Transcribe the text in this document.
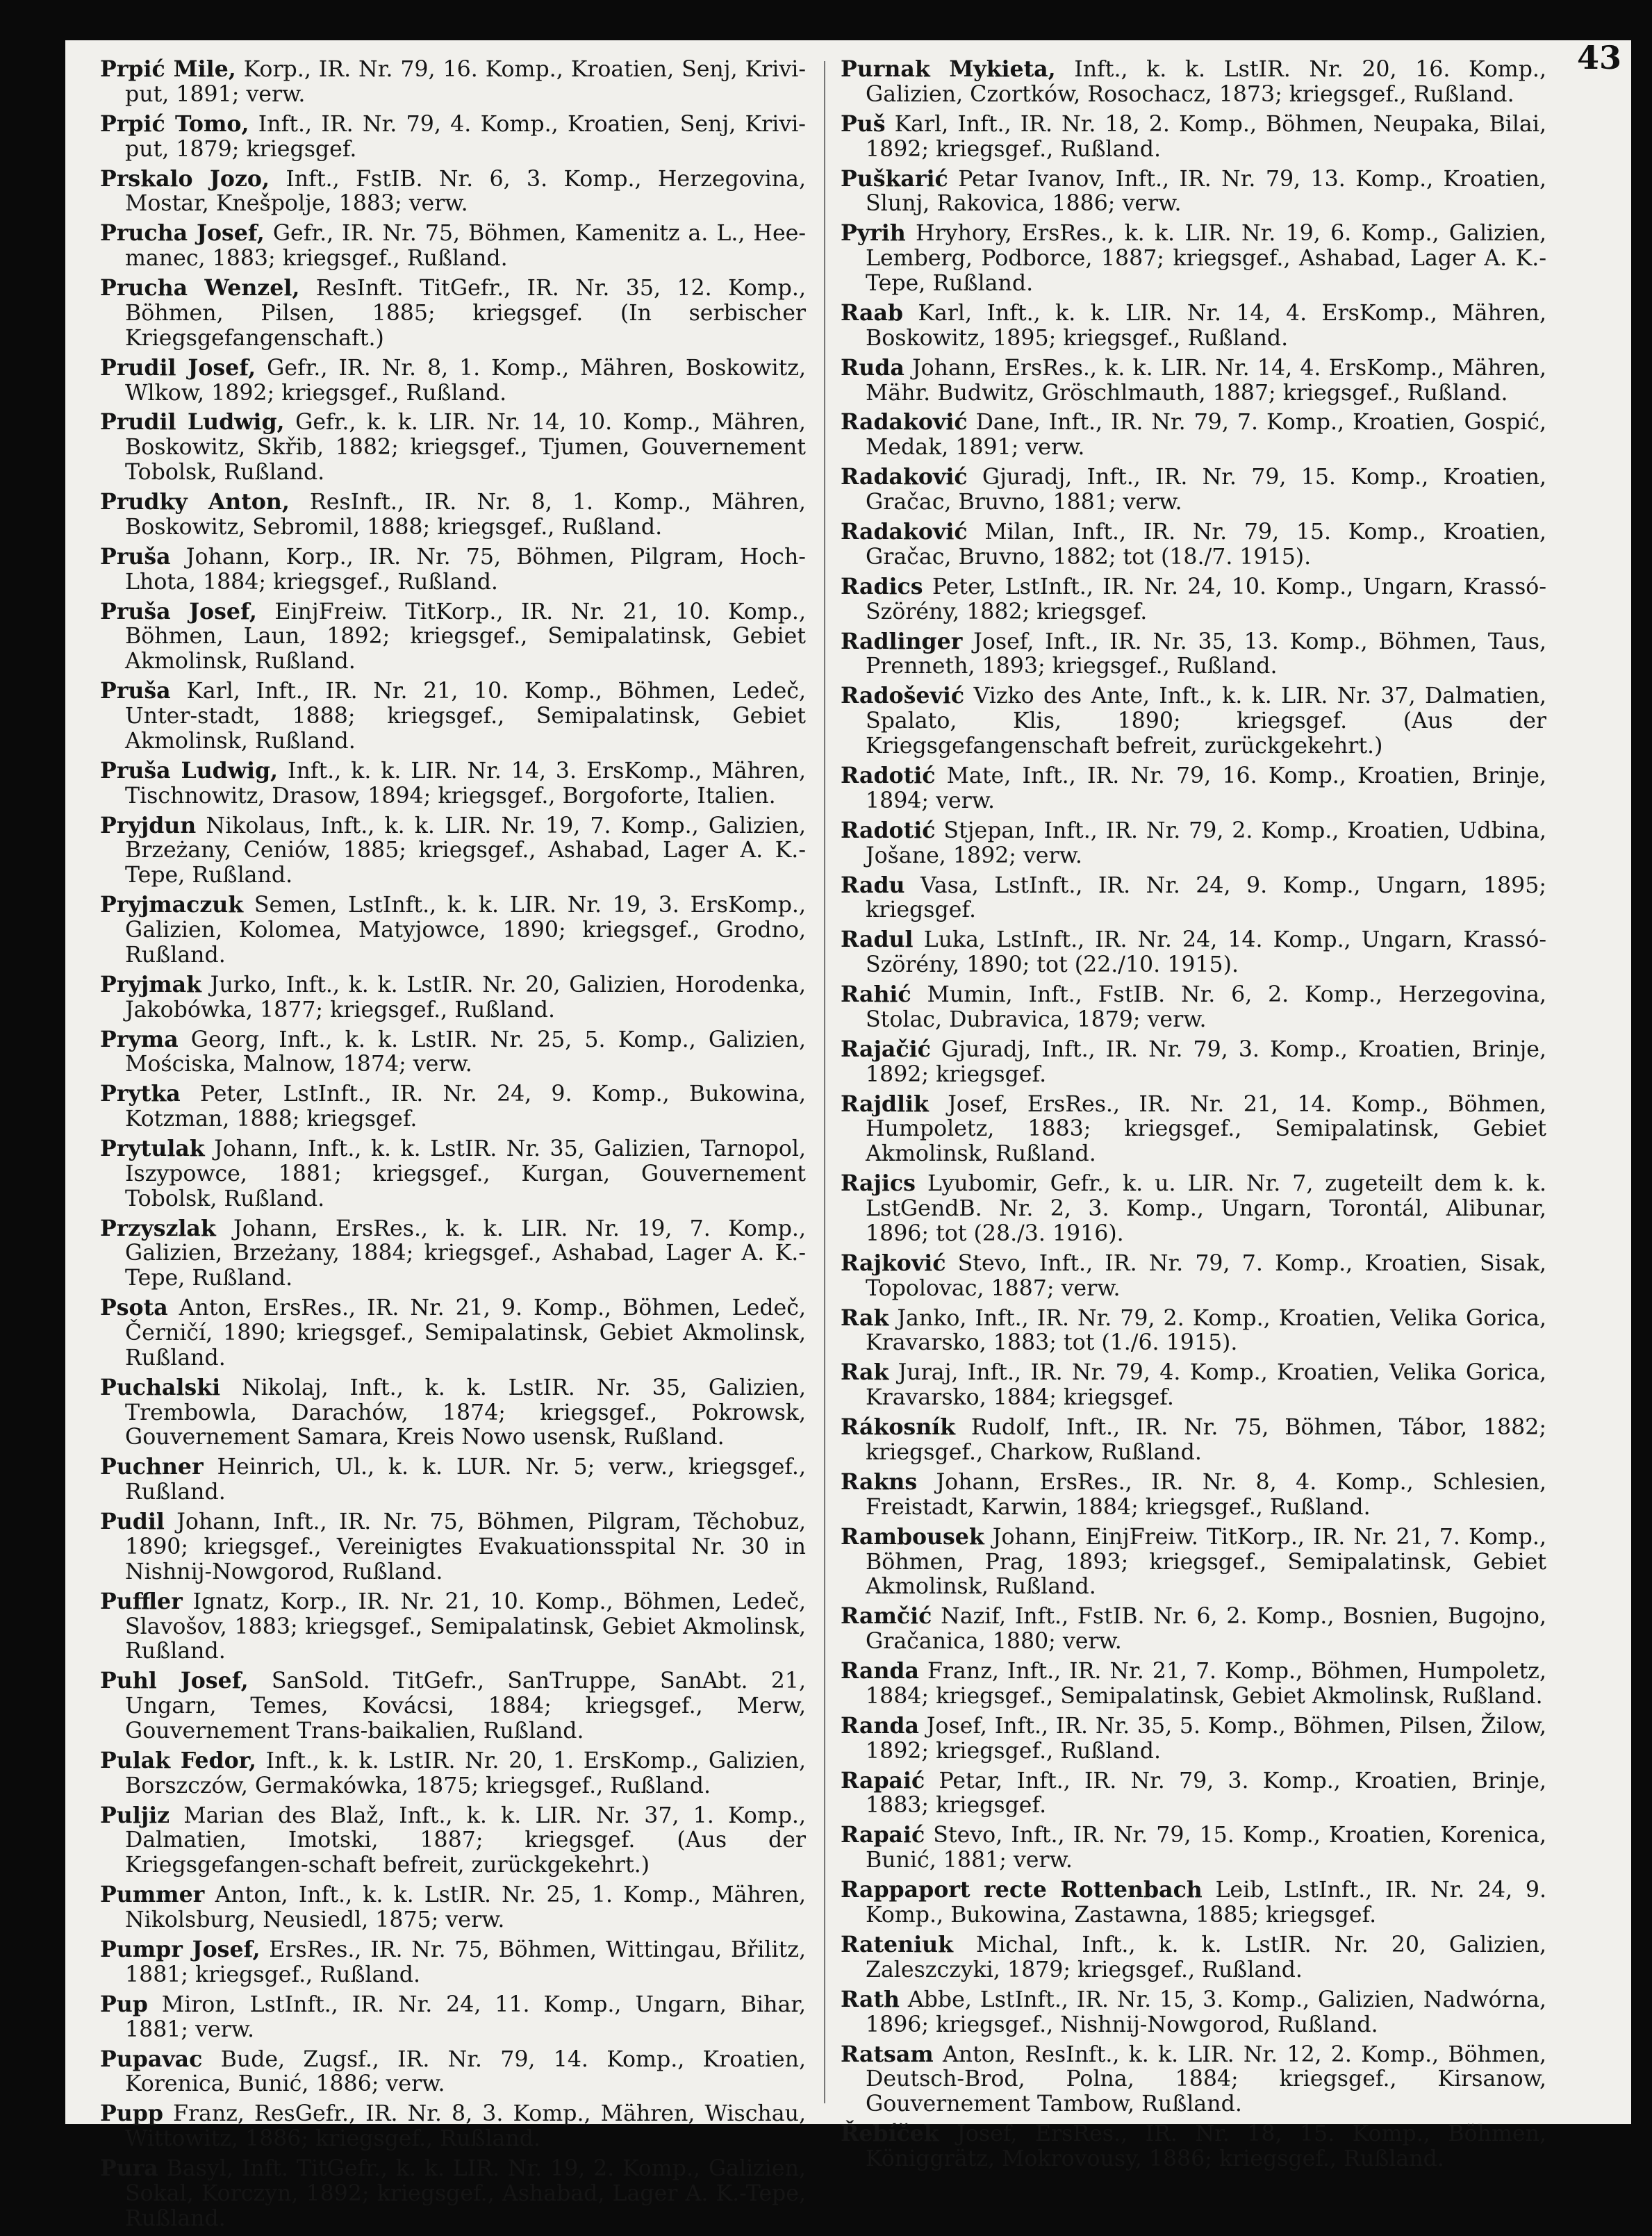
43

Prpić Mile, Korp., IR. Nr. 79, 16. Komp., Kroatien, Senj, Krivi-put, 1891; verw.

Prpić Tomo, Inft., IR. Nr. 79, 4. Komp., Kroatien, Senj, Krivi-put, 1879; kriegsgef.

Prskalo Jozo, Inft., FstIB. Nr. 6, 3. Komp., Herzegovina, Mostar, Knešpolje, 1883; verw.

Prucha Josef, Gefr., IR. Nr. 75, Böhmen, Kamenitz a. L., Hee-manec, 1883; kriegsgef., Rußland.

Prucha Wenzel, ResInft. TitGefr., IR. Nr. 35, 12. Komp., Böhmen, Pilsen, 1885; kriegsgef. (In serbischer Kriegsgefangenschaft.)

Prudil Josef, Gefr., IR. Nr. 8, 1. Komp., Mähren, Boskowitz, Wlkow, 1892; kriegsgef., Rußland.

Prudil Ludwig, Gefr., k. k. LIR. Nr. 14, 10. Komp., Mähren, Boskowitz, Skřib, 1882; kriegsgef., Tjumen, Gouvernement Tobolsk, Rußland.

Prudky Anton, ResInft., IR. Nr. 8, 1. Komp., Mähren, Boskowitz, Sebromil, 1888; kriegsgef., Rußland.

Pruša Johann, Korp., IR. Nr. 75, Böhmen, Pilgram, Hoch-Lhota, 1884; kriegsgef., Rußland.

Pruša Josef, EinjFreiw. TitKorp., IR. Nr. 21, 10. Komp., Böhmen, Laun, 1892; kriegsgef., Semipalatinsk, Gebiet Akmolinsk, Rußland.

Pruša Karl, Inft., IR. Nr. 21, 10. Komp., Böhmen, Ledeč, Unter-stadt, 1888; kriegsgef., Semipalatinsk, Gebiet Akmolinsk, Rußland.

Pruša Ludwig, Inft., k. k. LIR. Nr. 14, 3. ErsKomp., Mähren, Tischnowitz, Drasow, 1894; kriegsgef., Borgoforte, Italien.

Pryjdun Nikolaus, Inft., k. k. LIR. Nr. 19, 7. Komp., Galizien, Brzeżany, Ceniów, 1885; kriegsgef., Ashabad, Lager A. K.-Tepe, Rußland.

Pryjmaczuk Semen, LstInft., k. k. LIR. Nr. 19, 3. ErsKomp., Galizien, Kolomea, Matyjowce, 1890; kriegsgef., Grodno, Rußland.

Pryjmak Jurko, Inft., k. k. LstIR. Nr. 20, Galizien, Horodenka, Jakobówka, 1877; kriegsgef., Rußland.

Pryma Georg, Inft., k. k. LstIR. Nr. 25, 5. Komp., Galizien, Mościska, Malnow, 1874; verw.

Prytka Peter, LstInft., IR. Nr. 24, 9. Komp., Bukowina, Kotzman, 1888; kriegsgef.

Prytulak Johann, Inft., k. k. LstIR. Nr. 35, Galizien, Tarnopol, Iszypowce, 1881; kriegsgef., Kurgan, Gouvernement Tobolsk, Rußland.

Przyszlak Johann, ErsRes., k. k. LIR. Nr. 19, 7. Komp., Galizien, Brzeżany, 1884; kriegsgef., Ashabad, Lager A. K.-Tepe, Rußland.

Psota Anton, ErsRes., IR. Nr. 21, 9. Komp., Böhmen, Ledeč, Černičí, 1890; kriegsgef., Semipalatinsk, Gebiet Akmolinsk, Rußland.

Puchalski Nikolaj, Inft., k. k. LstIR. Nr. 35, Galizien, Trembowla, Darachów, 1874; kriegsgef., Pokrowsk, Gouvernement Samara, Kreis Nowo usensk, Rußland.

Puchner Heinrich, Ul., k. k. LUR. Nr. 5; verw., kriegsgef., Rußland.

Pudil Johann, Inft., IR. Nr. 75, Böhmen, Pilgram, Těchobuz, 1890; kriegsgef., Vereinigtes Evakuationsspital Nr. 30 in Nishnij-Nowgorod, Rußland.

Puffler Ignatz, Korp., IR. Nr. 21, 10. Komp., Böhmen, Ledeč, Slavošov, 1883; kriegsgef., Semipalatinsk, Gebiet Akmolinsk, Rußland.

Puhl Josef, SanSold. TitGefr., SanTruppe, SanAbt. 21, Ungarn, Temes, Kovácsi, 1884; kriegsgef., Merw, Gouvernement Trans-baikalien, Rußland.

Pulak Fedor, Inft., k. k. LstIR. Nr. 20, 1. ErsKomp., Galizien, Borszczów, Germakówka, 1875; kriegsgef., Rußland.

Puljiz Marian des Blaž, Inft., k. k. LIR. Nr. 37, 1. Komp., Dalmatien, Imotski, 1887; kriegsgef. (Aus der Kriegsgefangen-schaft befreit, zurückgekehrt.)

Pummer Anton, Inft., k. k. LstIR. Nr. 25, 1. Komp., Mähren, Nikolsburg, Neusiedl, 1875; verw.

Pumpr Josef, ErsRes., IR. Nr. 75, Böhmen, Wittingau, Břilitz, 1881; kriegsgef., Rußland.

Pup Miron, LstInft., IR. Nr. 24, 11. Komp., Ungarn, Bihar, 1881; verw.

Pupavac Bude, Zugsf., IR. Nr. 79, 14. Komp., Kroatien, Korenica, Bunić, 1886; verw.

Pupp Franz, ResGefr., IR. Nr. 8, 3. Komp., Mähren, Wischau, Wittowitz, 1886; kriegsgef., Rußland.

Pura Basyl, Inft. TitGefr., k. k. LIR. Nr. 19, 2. Komp., Galizien, Sokal, Korczyn, 1892; kriegsgef., Ashabad, Lager A. K.-Tepe, Rußland.

Purnak Mykieta, Inft., k. k. LstIR. Nr. 20, 16. Komp., Galizien, Czortków, Rosochacz, 1873; kriegsgef., Rußland.

Puš Karl, Inft., IR. Nr. 18, 2. Komp., Böhmen, Neupaka, Bilai, 1892; kriegsgef., Rußland.

Puškarić Petar Ivanov, Inft., IR. Nr. 79, 13. Komp., Kroatien, Slunj, Rakovica, 1886; verw.

Pyrih Hryhory, ErsRes., k. k. LIR. Nr. 19, 6. Komp., Galizien, Lemberg, Podborce, 1887; kriegsgef., Ashabad, Lager A. K.-Tepe, Rußland.

Raab Karl, Inft., k. k. LIR. Nr. 14, 4. ErsKomp., Mähren, Boskowitz, 1895; kriegsgef., Rußland.

Ruda Johann, ErsRes., k. k. LIR. Nr. 14, 4. ErsKomp., Mähren, Mähr. Budwitz, Gröschlmauth, 1887; kriegsgef., Rußland.

Radaković Dane, Inft., IR. Nr. 79, 7. Komp., Kroatien, Gospić, Medak, 1891; verw.

Radaković Gjuradj, Inft., IR. Nr. 79, 15. Komp., Kroatien, Gračac, Bruvno, 1881; verw.

Radaković Milan, Inft., IR. Nr. 79, 15. Komp., Kroatien, Gračac, Bruvno, 1882; tot (18./7. 1915).

Radics Peter, LstInft., IR. Nr. 24, 10. Komp., Ungarn, Krassó-Szörény, 1882; kriegsgef.

Radlinger Josef, Inft., IR. Nr. 35, 13. Komp., Böhmen, Taus, Prenneth, 1893; kriegsgef., Rußland.

Radošević Vizko des Ante, Inft., k. k. LIR. Nr. 37, Dalmatien, Spalato, Klis, 1890; kriegsgef. (Aus der Kriegsgefangenschaft befreit, zurückgekehrt.)

Radotić Mate, Inft., IR. Nr. 79, 16. Komp., Kroatien, Brinje, 1894; verw.

Radotić Stjepan, Inft., IR. Nr. 79, 2. Komp., Kroatien, Udbina, Jošane, 1892; verw.

Radu Vasa, LstInft., IR. Nr. 24, 9. Komp., Ungarn, 1895; kriegsgef.

Radul Luka, LstInft., IR. Nr. 24, 14. Komp., Ungarn, Krassó-Szörény, 1890; tot (22./10. 1915).

Rahić Mumin, Inft., FstIB. Nr. 6, 2. Komp., Herzegovina, Stolac, Dubravica, 1879; verw.

Rajačić Gjuradj, Inft., IR. Nr. 79, 3. Komp., Kroatien, Brinje, 1892; kriegsgef.

Rajdlik Josef, ErsRes., IR. Nr. 21, 14. Komp., Böhmen, Humpoletz, 1883; kriegsgef., Semipalatinsk, Gebiet Akmolinsk, Rußland.

Rajics Lyubomir, Gefr., k. u. LIR. Nr. 7, zugeteilt dem k. k. LstGendB. Nr. 2, 3. Komp., Ungarn, Torontál, Alibunar, 1896; tot (28./3. 1916).

Rajković Stevo, Inft., IR. Nr. 79, 7. Komp., Kroatien, Sisak, Topolovac, 1887; verw.

Rak Janko, Inft., IR. Nr. 79, 2. Komp., Kroatien, Velika Gorica, Kravarsko, 1883; tot (1./6. 1915).

Rak Juraj, Inft., IR. Nr. 79, 4. Komp., Kroatien, Velika Gorica, Kravarsko, 1884; kriegsgef.

Rákosník Rudolf, Inft., IR. Nr. 75, Böhmen, Tábor, 1882; kriegsgef., Charkow, Rußland.

Rakns Johann, ErsRes., IR. Nr. 8, 4. Komp., Schlesien, Freistadt, Karwin, 1884; kriegsgef., Rußland.

Rambousek Johann, EinjFreiw. TitKorp., IR. Nr. 21, 7. Komp., Böhmen, Prag, 1893; kriegsgef., Semipalatinsk, Gebiet Akmolinsk, Rußland.

Ramčić Nazif, Inft., FstIB. Nr. 6, 2. Komp., Bosnien, Bugojno, Gračanica, 1880; verw.

Randa Franz, Inft., IR. Nr. 21, 7. Komp., Böhmen, Humpoletz, 1884; kriegsgef., Semipalatinsk, Gebiet Akmolinsk, Rußland.

Randa Josef, Inft., IR. Nr. 35, 5. Komp., Böhmen, Pilsen, Žilow, 1892; kriegsgef., Rußland.

Rapaić Petar, Inft., IR. Nr. 79, 3. Komp., Kroatien, Brinje, 1883; kriegsgef.

Rapaić Stevo, Inft., IR. Nr. 79, 15. Komp., Kroatien, Korenica, Bunić, 1881; verw.

Rappaport recte Rottenbach Leib, LstInft., IR. Nr. 24, 9. Komp., Bukowina, Zastawna, 1885; kriegsgef.

Rateniuk Michal, Inft., k. k. LstIR. Nr. 20, Galizien, Zaleszczyki, 1879; kriegsgef., Rußland.

Rath Abbe, LstInft., IR. Nr. 15, 3. Komp., Galizien, Nadwórna, 1896; kriegsgef., Nishnij-Nowgorod, Rußland.

Ratsam Anton, ResInft., k. k. LIR. Nr. 12, 2. Komp., Böhmen, Deutsch-Brod, Polna, 1884; kriegsgef., Kirsanow, Gouvernement Tambow, Rußland.

Řebíček Josef, ErsRes., IR. Nr. 18, 15. Komp., Böhmen, Königgrätz, Mokrovousy, 1886; kriegsgef., Rußland.
